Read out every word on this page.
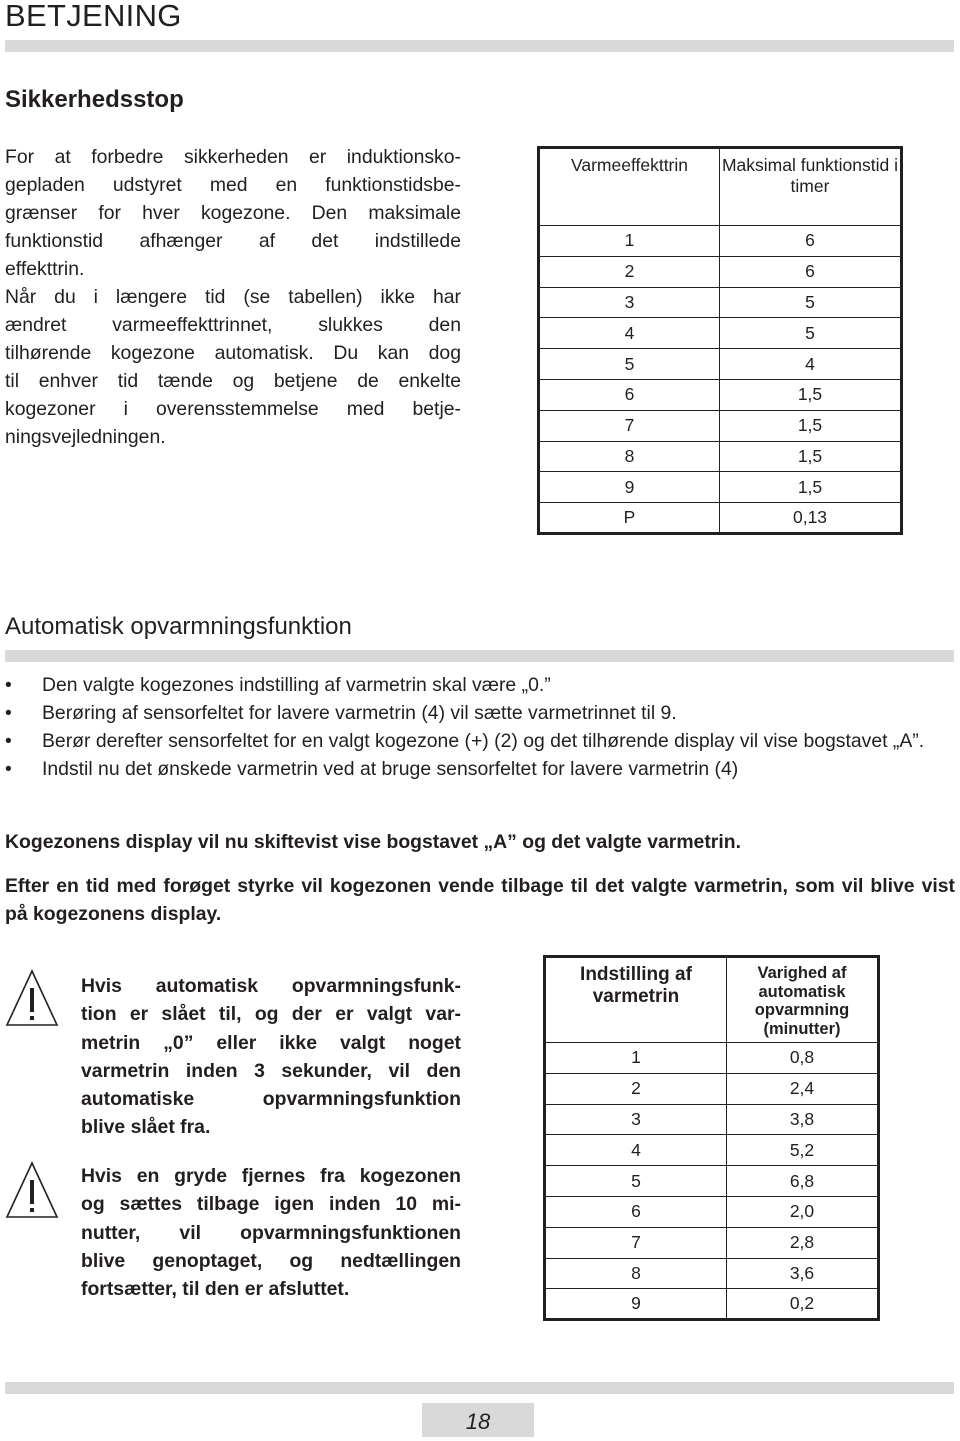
BETJENING
Sikkerhedsstop
For at forbedre sikkerheden er induktionsko-
gepladen udstyret med en funktionstidsbe-
grænser for hver kogezone. Den maksimale
funktionstid afhænger af det indstillede
effekttrin.
Når du i længere tid (se tabellen) ikke har
ændret varmeeffekttrinnet, slukkes den
tilhørende kogezone automatisk. Du kan dog
til enhver tid tænde og betjene de enkelte
kogezoner i overensstemmelse med betje-
ningsvejledningen.
Varmeeffekttrin	Maksimal funktionstid i timer
1	6
2	6
3	5
4	5
5	4
6	1,5
7	1,5
8	1,5
9	1,5
P	0,13
Automatisk opvarmningsfunktion
• Den valgte kogezones indstilling af varmetrin skal være „0.”
• Berøring af sensorfeltet for lavere varmetrin (4) vil sætte varmetrinnet til 9.
• Berør derefter sensorfeltet for en valgt kogezone (+) (2) og det tilhørende display vil vise bogstavet „A”.
• Indstil nu det ønskede varmetrin ved at bruge sensorfeltet for lavere varmetrin (4)

Kogezonens display vil nu skiftevist vise bogstavet „A” og det valgte varmetrin.

Efter en tid med forøget styrke vil kogezonen vende tilbage til det valgte varmetrin, som vil blive vist på kogezonens display.

Hvis automatisk opvarmningsfunk-
tion er slået til, og der er valgt var-
metrin „0” eller ikke valgt noget
varmetrin inden 3 sekunder, vil den
automatiske opvarmningsfunktion
blive slået fra.
Hvis en gryde fjernes fra kogezonen
og sættes tilbage igen inden 10 mi-
nutter, vil opvarmningsfunktionen
blive genoptaget, og nedtællingen
fortsætter, til den er afsluttet.
Indstilling af varmetrin	Varighed af automatisk opvarmning (minutter)
1	0,8
2	2,4
3	3,8
4	5,2
5	6,8
6	2,0
7	2,8
8	3,6
9	0,2
18
